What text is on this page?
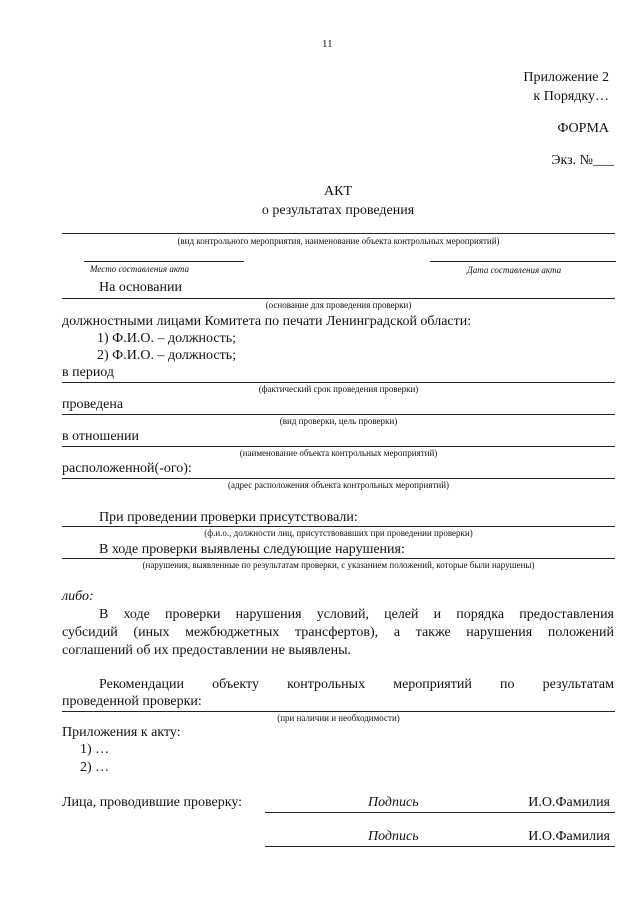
11
Приложение 2
к Порядку…
ФОРМА
Экз. №___
АКТ
о результатах проведения
(вид контрольного мероприятия, наименование объекта контрольных мероприятий)
Место составления акта	Дата составления акта
На основании
(основание для проведения проверки)
должностными лицами Комитета по печати Ленинградской области:
1) Ф.И.О. – должность;
2) Ф.И.О. – должность;
в период
(фактический срок проведения проверки)
проведена
(вид проверки, цель проверки)
в отношении
(наименование объекта контрольных мероприятий)
расположенной(-ого):
(адрес расположения объекта контрольных мероприятий)
При проведении проверки присутствовали:
(ф.и.о., должности лиц, присутствовавших при проведении проверки)
В ходе проверки выявлены следующие нарушения:
(нарушения, выявленные по результатам проверки, с указанием положений, которые были нарушены)
либо:
В ходе проверки нарушения условий, целей и порядка предоставления
субсидий (иных межбюджетных трансфертов), а также нарушения положений
соглашений об их предоставлении не выявлены.
Рекомендации объекту контрольных мероприятий по результатам
проведенной проверки:
(при наличии и необходимости)
Приложения к акту:
1) …
2) …
Лица, проводившие проверку:	Подпись	И.О.Фамилия
Подпись	И.О.Фамилия
